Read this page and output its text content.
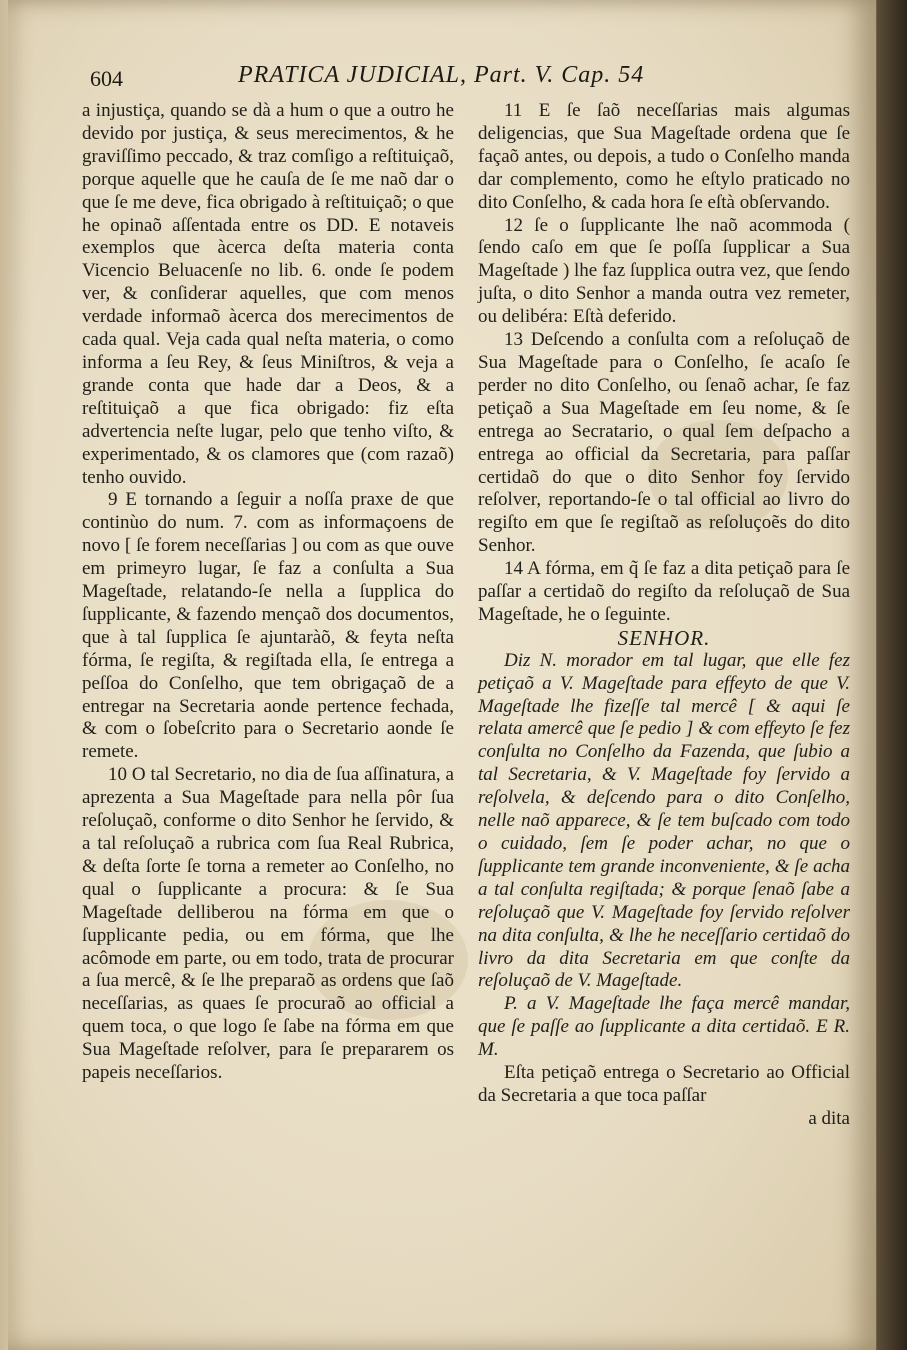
604	PRATICA JUDICIAL, Part. V. Cap. 54

a injustiça, quando se dà a hum o que a outro he devido por justiça, & seus merecimentos, & he graviſſimo peccado, & traz comſigo a reſtituiçaõ, porque aquelle que he cauſa de ſe me naõ dar o que ſe me deve, fica obrigado à reſtituiçaõ; o que he opinaõ aſſentada entre os DD. E notaveis exemplos que àcerca deſta materia conta Vicencio Beluacenſe no lib. 6. onde ſe podem ver, & conſiderar aquelles, que com menos verdade informaõ àcerca dos merecimentos de cada qual. Veja cada qual neſta materia, o como informa a ſeu Rey, & ſeus Miniſtros, & veja a grande conta que hade dar a Deos, & a reſtituiçaõ a que fica obrigado: fiz eſta advertencia neſte lugar, pelo que tenho viſto, & experimentado, & os clamores que (com razaõ) tenho ouvido.

9 E tornando a ſeguir a noſſa praxe de que continùo do num. 7. com as informaçoens de novo [ ſe forem neceſſarias ] ou com as que ouve em primeyro lugar, ſe faz a conſulta a Sua Mageſtade, relatando-ſe nella a ſupplica do ſupplicante, & fazendo mençaõ dos documentos, que à tal ſupplica ſe ajuntaràõ, & feyta neſta fórma, ſe regiſta, & regiſtada ella, ſe entrega a peſſoa do Conſelho, que tem obrigaçaõ de a entregar na Secretaria aonde pertence fechada, & com o ſobeſcrito para o Secretario aonde ſe remete.

10 O tal Secretario, no dia de ſua aſſinatura, a aprezenta a Sua Mageſtade para nella pôr ſua reſoluçaõ, conforme o dito Senhor he ſervido, & a tal reſoluçaõ a rubrica com ſua Real Rubrica, & deſta ſorte ſe torna a remeter ao Conſelho, no qual o ſupplicante a procura: & ſe Sua Mageſtade delliberou na fórma em que o ſupplicante pedia, ou em fórma, que lhe acômode em parte, ou em todo, trata de procurar a ſua mercê, & ſe lhe preparaõ as ordens que ſaõ neceſſarias, as quaes ſe procuraõ ao official a quem toca, o que logo ſe ſabe na fórma em que Sua Mageſtade reſolver, para ſe prepararem os papeis neceſſarios.

11 E ſe ſaõ neceſſarias mais algumas deligencias, que Sua Mageſtade ordena que ſe façaõ antes, ou depois, a tudo o Conſelho manda dar complemento, como he eſtylo praticado no dito Conſelho, & cada hora ſe eſtà obſervando.

12 ſe o ſupplicante lhe naõ acommoda ( ſendo caſo em que ſe poſſa ſupplicar a Sua Mageſtade ) lhe faz ſupplica outra vez, que ſendo juſta, o dito Senhor a manda outra vez remeter, ou delibéra: Eſtà deferido.

13 Deſcendo a conſulta com a reſoluçaõ de Sua Mageſtade para o Conſelho, ſe acaſo ſe perder no dito Conſelho, ou ſenaõ achar, ſe faz petiçaõ a Sua Mageſtade em ſeu nome, & ſe entrega ao Secratario, o qual ſem deſpacho a entrega ao official da Secretaria, para paſſar certidaõ do que o dito Senhor foy ſervido reſolver, reportando-ſe o tal official ao livro do regiſto em que ſe regiſtaõ as reſoluçoẽs do dito Senhor.

14 A fórma, em q̃ ſe faz a dita petiçaõ para ſe paſſar a certidaõ do regiſto da reſoluçaõ de Sua Mageſtade, he o ſeguinte.

SENHOR.

Diz N. morador em tal lugar, que elle fez petiçaõ a V. Mageſtade para effeyto de que V. Mageſtade lhe fizeſſe tal mercê [ & aqui ſe relata amercê que ſe pedio ] & com effeyto ſe fez conſulta no Conſelho da Fazenda, que ſubio a tal Secretaria, & V. Mageſtade foy ſervido a reſolvela, & deſcendo para o dito Conſelho, nelle naõ apparece, & ſe tem buſcado com todo o cuidado, ſem ſe poder achar, no que o ſupplicante tem grande inconveniente, & ſe acha a tal conſulta regiſtada; & porque ſenaõ ſabe a reſoluçaõ que V. Mageſtade foy ſervido reſolver na dita conſulta, & lhe he neceſſario certidaõ do livro da dita Secretaria em que conſte da reſoluçaõ de V. Mageſtade.

P. a V. Mageſtade lhe faça mercê mandar, que ſe paſſe ao ſupplicante a dita certidaõ. E R. M.

Eſta petiçaõ entrega o Secretario ao Official da Secretaria a que toca paſſar

a dita
